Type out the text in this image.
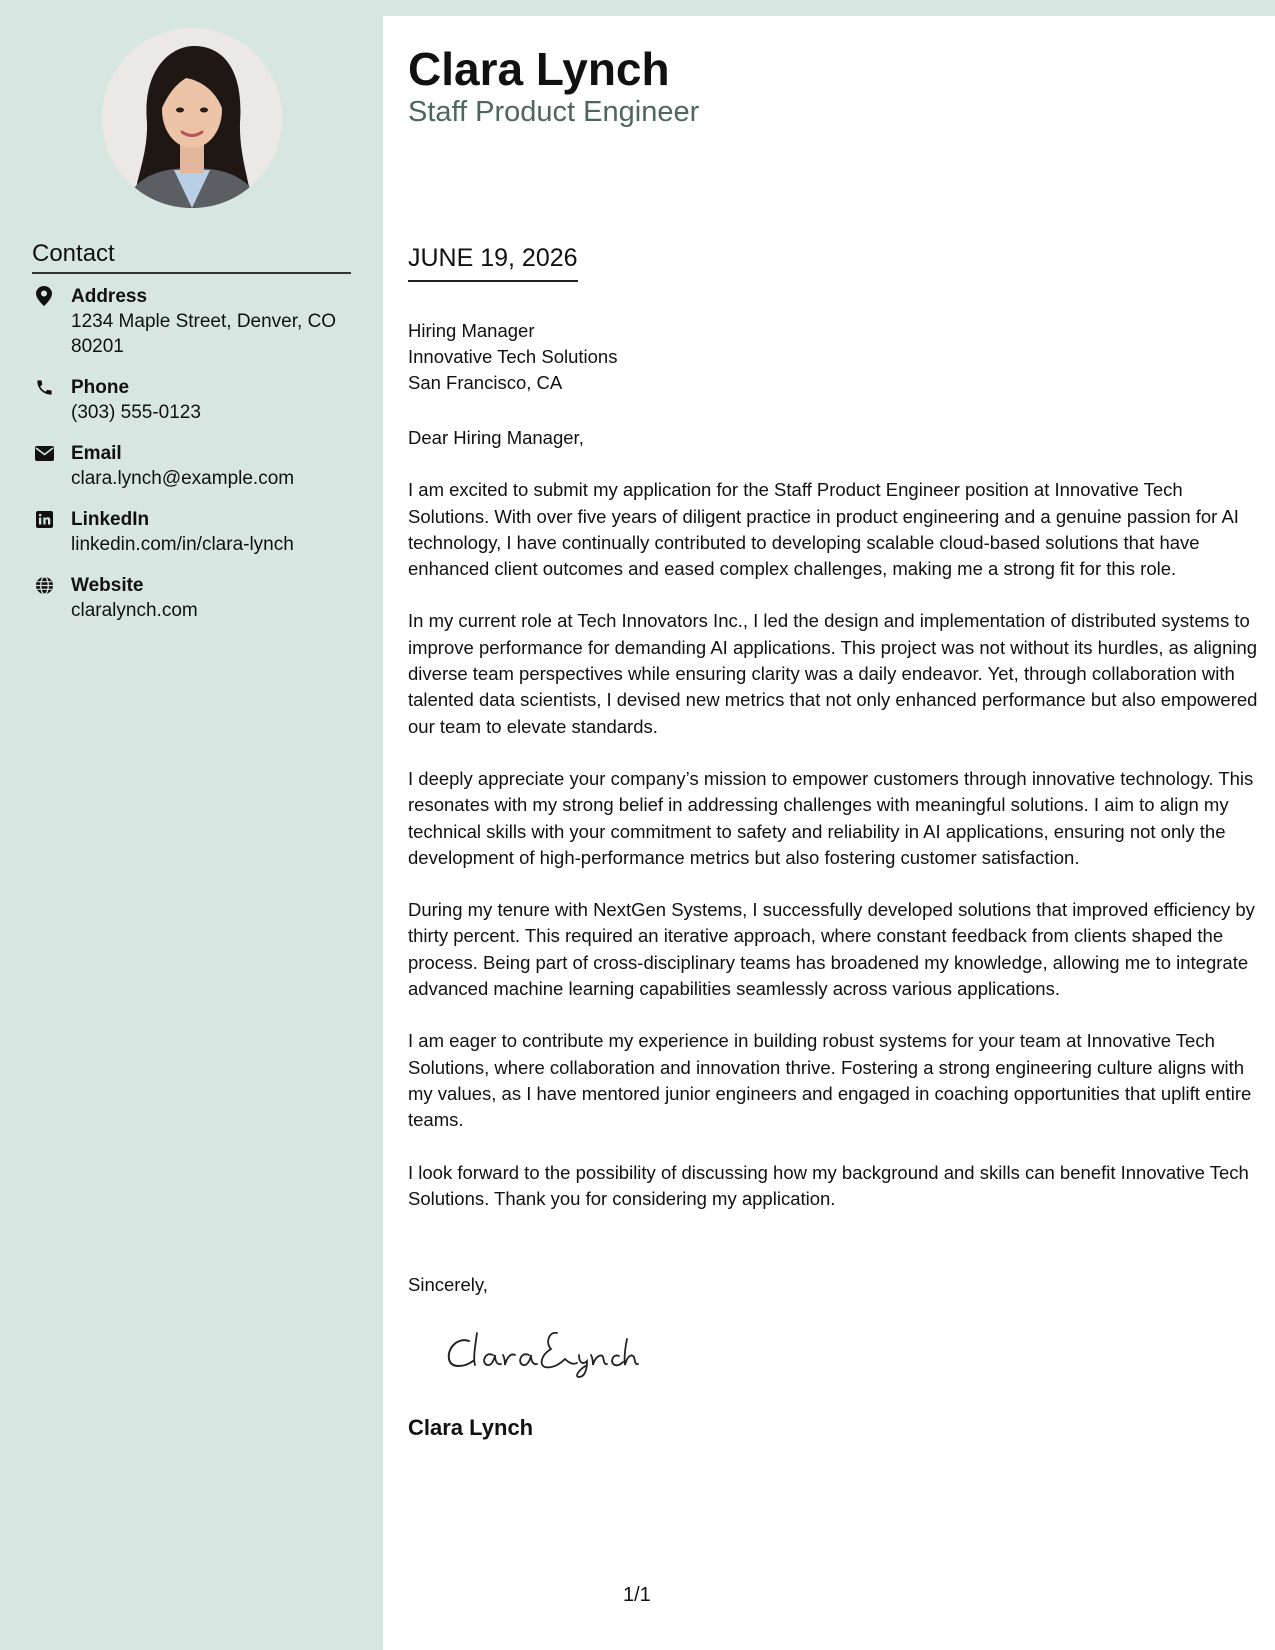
Contact
Address
1234 Maple Street, Denver, CO 80201
Phone
(303) 555-0123
Email
clara.lynch@example.com
LinkedIn
linkedin.com/in/clara-lynch
Website
claralynch.com
Clara Lynch
Staff Product Engineer
JUNE 19, 2026
Hiring Manager
Innovative Tech Solutions
San Francisco, CA

Dear Hiring Manager,

I am excited to submit my application for the Staff Product Engineer position at Innovative Tech Solutions. With over five years of diligent practice in product engineering and a genuine passion for AI technology, I have continually contributed to developing scalable cloud-based solutions that have enhanced client outcomes and eased complex challenges, making me a strong fit for this role.

In my current role at Tech Innovators Inc., I led the design and implementation of distributed systems to improve performance for demanding AI applications. This project was not without its hurdles, as aligning diverse team perspectives while ensuring clarity was a daily endeavor. Yet, through collaboration with talented data scientists, I devised new metrics that not only enhanced performance but also empowered our team to elevate standards.

I deeply appreciate your company’s mission to empower customers through innovative technology. This resonates with my strong belief in addressing challenges with meaningful solutions. I aim to align my technical skills with your commitment to safety and reliability in AI applications, ensuring not only the development of high-performance metrics but also fostering customer satisfaction.

During my tenure with NextGen Systems, I successfully developed solutions that improved efficiency by thirty percent. This required an iterative approach, where constant feedback from clients shaped the process. Being part of cross-disciplinary teams has broadened my knowledge, allowing me to integrate advanced machine learning capabilities seamlessly across various applications.

I am eager to contribute my experience in building robust systems for your team at Innovative Tech Solutions, where collaboration and innovation thrive. Fostering a strong engineering culture aligns with my values, as I have mentored junior engineers and engaged in coaching opportunities that uplift entire teams.

I look forward to the possibility of discussing how my background and skills can benefit Innovative Tech Solutions. Thank you for considering my application.

Sincerely,
Clara Lynch
1/1
